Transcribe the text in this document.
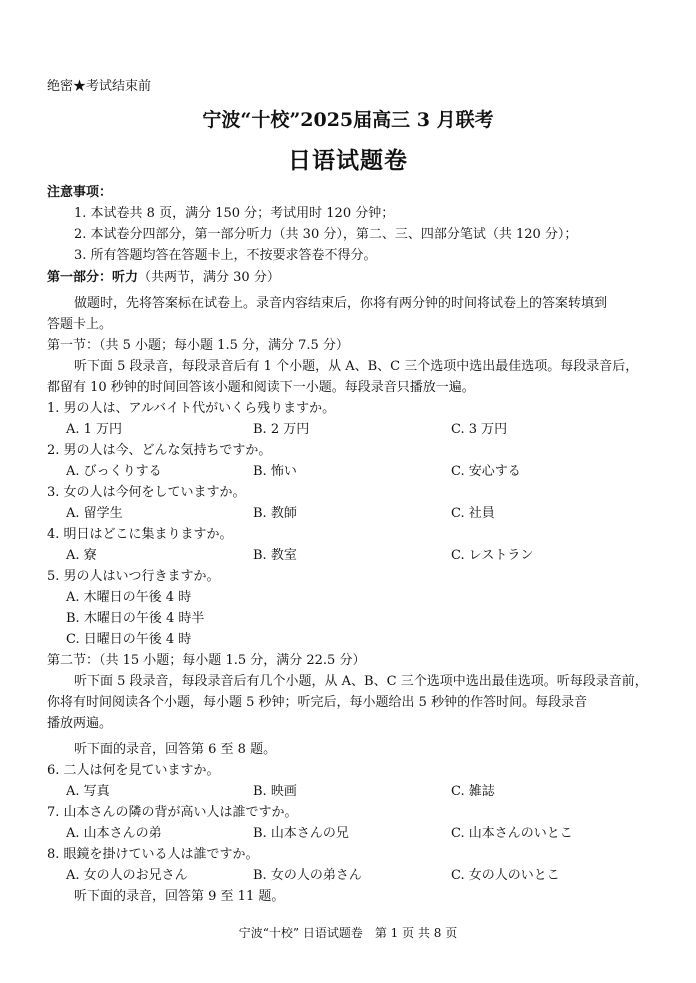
绝密★考试结束前
宁波“十校”2025届高三 3 月联考
日语试题卷
注意事项：
1. 本试卷共 8 页，满分 150 分；考试用时 120 分钟；
2. 本试卷分四部分，第一部分听力（共 30 分），第二、三、四部分笔试（共 120 分）；
3. 所有答题均答在答题卡上，不按要求答卷不得分。
第一部分：听力（共两节，满分 30 分）
做题时，先将答案标在试卷上。录音内容结束后，你将有两分钟的时间将试卷上的答案转填到
答题卡上。
第一节：（共 5 小题；每小题 1.5 分，满分 7.5 分）
听下面 5 段录音，每段录音后有 1 个小题，从 A、B、C 三个选项中选出最佳选项。每段录音后，
都留有 10 秒钟的时间回答该小题和阅读下一小题。每段录音只播放一遍。
1. 男の人は、アルバイト代がいくら残りますか。
A. 1 万円	B. 2 万円	C. 3 万円
2. 男の人は今、どんな気持ちですか。
A. びっくりする	B. 怖い	C. 安心する
3. 女の人は今何をしていますか。
A. 留学生	B. 教師	C. 社員
4. 明日はどこに集まりますか。
A. 寮	B. 教室	C. レストラン
5. 男の人はいつ行きますか。
A. 木曜日の午後 4 時
B. 木曜日の午後 4 時半
C. 日曜日の午後 4 時
第二节：（共 15 小题；每小题 1.5 分，满分 22.5 分）
听下面 5 段录音，每段录音后有几个小题，从 A、B、C 三个选项中选出最佳选项。听每段录音前，
你将有时间阅读各个小题，每小题 5 秒钟；听完后，每小题给出 5 秒钟的作答时间。每段录音
播放两遍。
听下面的录音，回答第 6 至 8 题。
6. 二人は何を見ていますか。
A. 写真	B. 映画	C. 雑誌
7. 山本さんの隣の背が高い人は誰ですか。
A. 山本さんの弟	B. 山本さんの兄	C. 山本さんのいとこ
8. 眼鏡を掛けている人は誰ですか。
A. 女の人のお兄さん	B. 女の人の弟さん	C. 女の人のいとこ
听下面的录音，回答第 9 至 11 题。
宁波“十校” 日语试题卷　第 1 页 共 8 页
